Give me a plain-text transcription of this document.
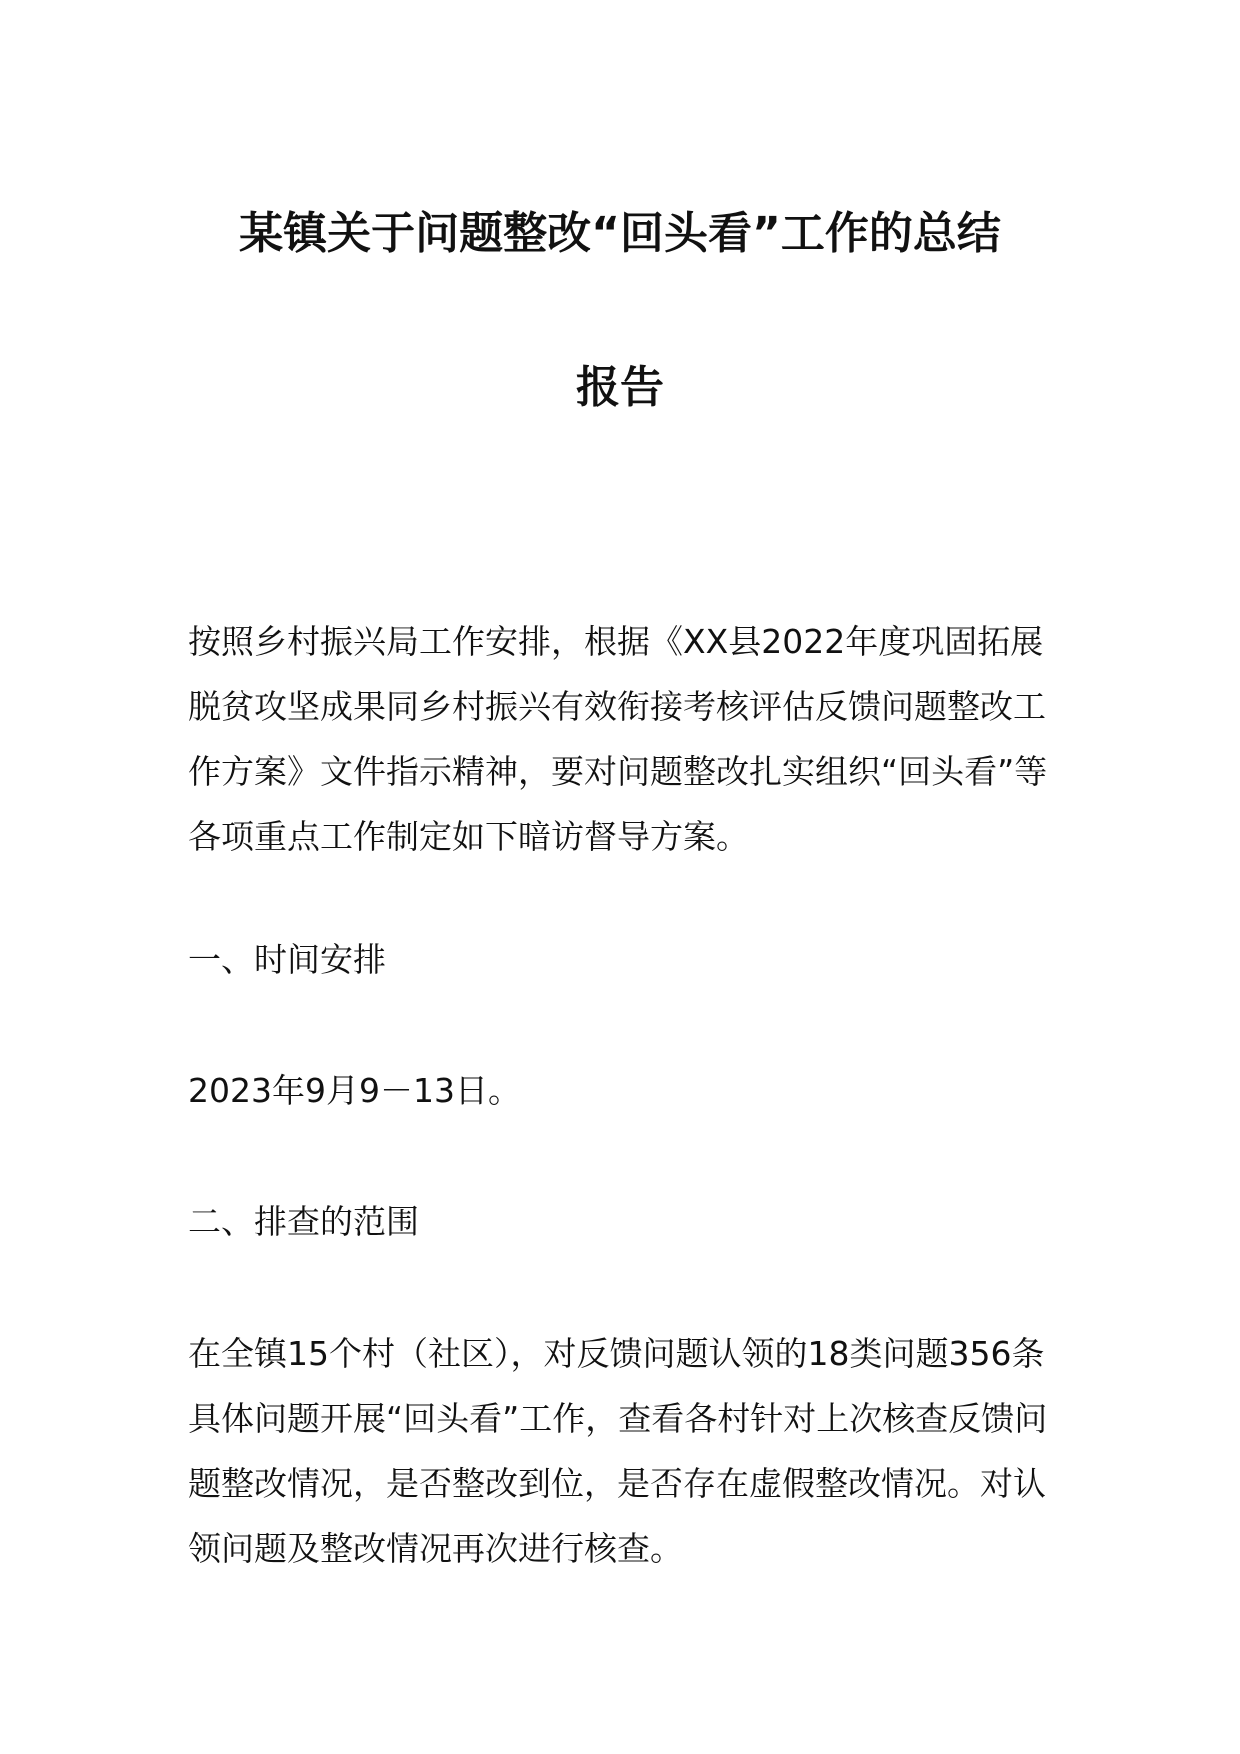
某镇关于问题整改“回头看”工作的总结
报告
按照乡村振兴局工作安排，根据《XX县2022年度巩固拓展脱贫攻坚成果同乡村振兴有效衔接考核评估反馈问题整改工作方案》文件指示精神，要对问题整改扎实组织“回头看”等各项重点工作制定如下暗访督导方案。
一、时间安排
2023年9月9－13日。
二、排查的范围
在全镇15个村（社区），对反馈问题认领的18类问题356条具体问题开展“回头看”工作，查看各村针对上次核查反馈问题整改情况，是否整改到位，是否存在虚假整改情况。对认领问题及整改情况再次进行核查。
